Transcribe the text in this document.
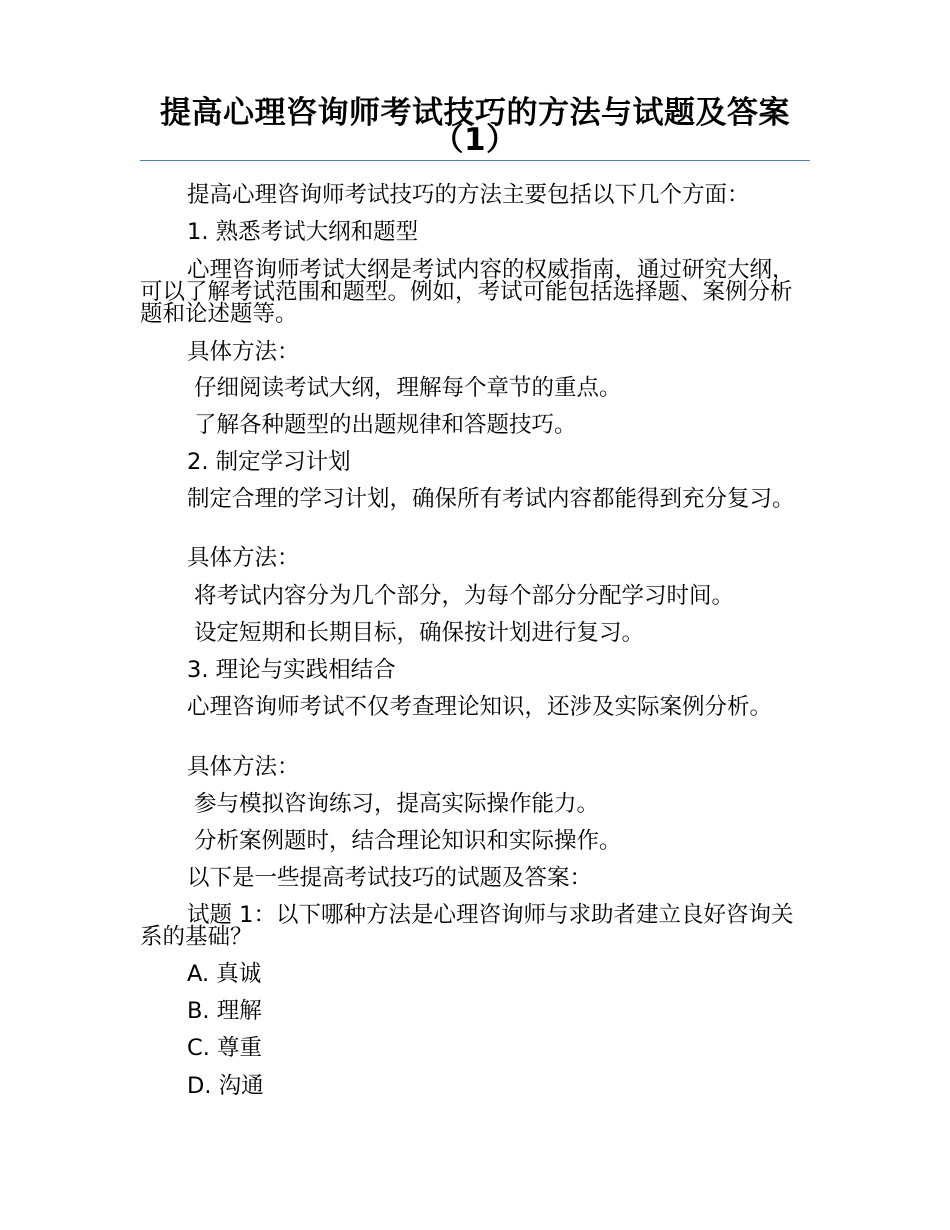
提高心理咨询师考试技巧的方法与试题及答案（1）
提高心理咨询师考试技巧的方法主要包括以下几个方面：
1. 熟悉考试大纲和题型
心理咨询师考试大纲是考试内容的权威指南，通过研究大纲，可以了解考试范围和题型。例如，考试可能包括选择题、案例分析题和论述题等。
具体方法：
仔细阅读考试大纲，理解每个章节的重点。
了解各种题型的出题规律和答题技巧。
2. 制定学习计划
制定合理的学习计划，确保所有考试内容都能得到充分复习。
具体方法：
将考试内容分为几个部分，为每个部分分配学习时间。
设定短期和长期目标，确保按计划进行复习。
3. 理论与实践相结合
心理咨询师考试不仅考查理论知识，还涉及实际案例分析。
具体方法：
参与模拟咨询练习，提高实际操作能力。
分析案例题时，结合理论知识和实际操作。
以下是一些提高考试技巧的试题及答案：
试题 1：以下哪种方法是心理咨询师与求助者建立良好咨询关系的基础？
A. 真诚
B. 理解
C. 尊重
D. 沟通
